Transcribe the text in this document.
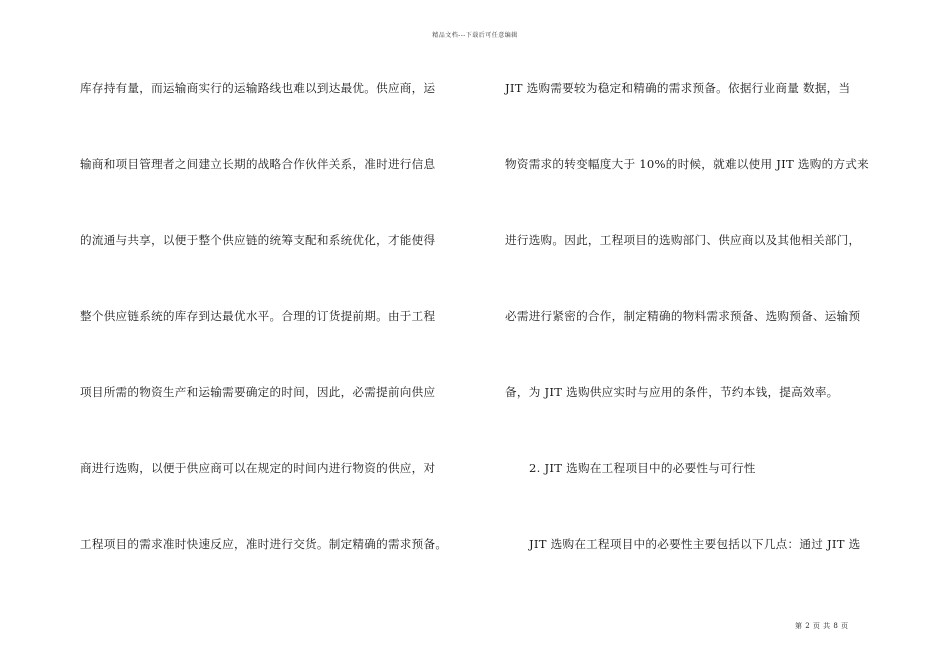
精品文档---下载后可任意编辑
库存持有量，而运输商实行的运输路线也难以到达最优。供应商，运
输商和项目管理者之间建立长期的战略合作伙伴关系，准时进行信息
的流通与共享，以便于整个供应链的统筹支配和系统优化，才能使得
整个供应链系统的库存到达最优水平。合理的订货提前期。由于工程
项目所需的物资生产和运输需要确定的时间，因此，必需提前向供应
商进行选购，以便于供应商可以在规定的时间内进行物资的供应，对
工程项目的需求准时快速反应，准时进行交货。制定精确的需求预备。
JIT 选购需要较为稳定和精确的需求预备。依据行业商量 数据，当
物资需求的转变幅度大于 10%的时候，就难以使用 JIT 选购的方式来
进行选购。因此，工程项目的选购部门、供应商以及其他相关部门，
必需进行紧密的合作，制定精确的物料需求预备、选购预备、运输预
备，为 JIT 选购供应实时与应用的条件，节约本钱，提高效率。
2. JIT 选购在工程项目中的必要性与可行性
JIT 选购在工程项目中的必要性主要包括以下几点：通过 JIT 选
第 2 页 共 8 页
